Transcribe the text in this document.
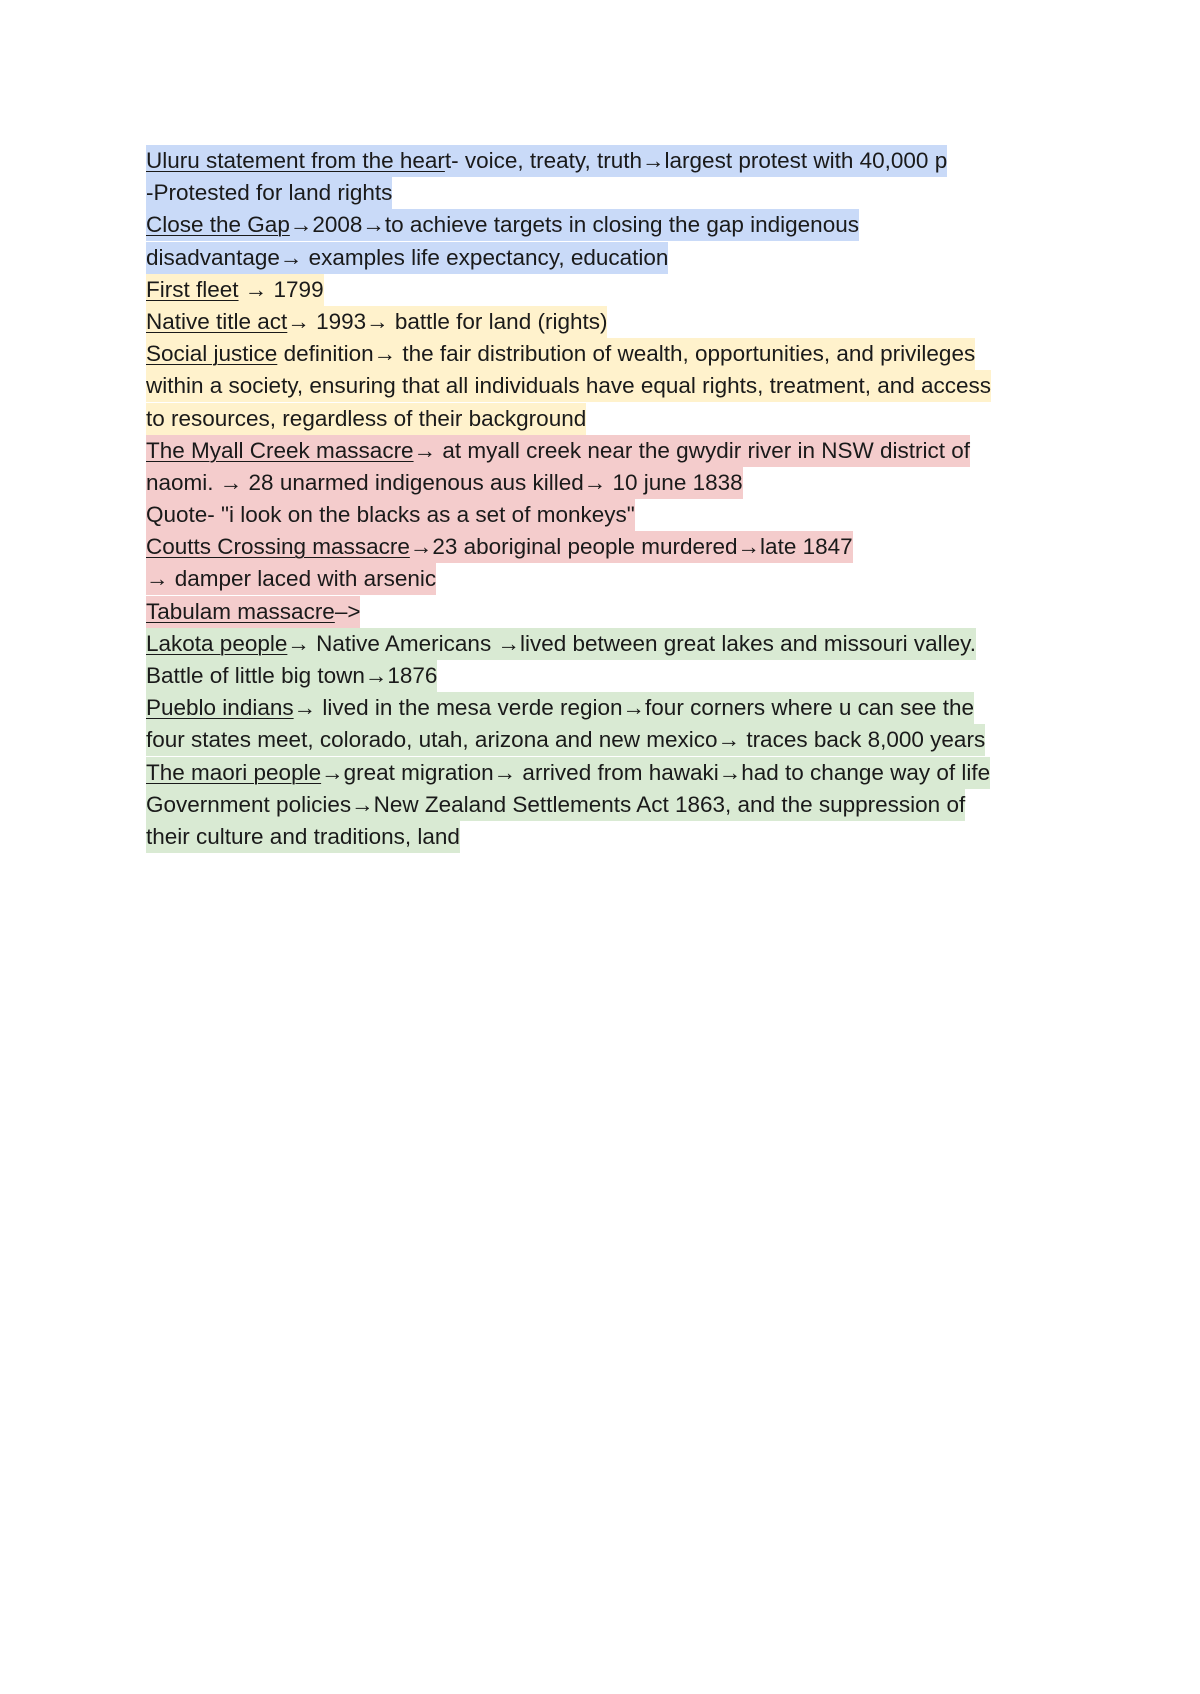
Uluru statement from the heart- voice, treaty, truth→largest protest with 40,000 p
-Protested for land rights
Close the Gap→2008→to achieve targets in closing the gap indigenous
disadvantage→ examples life expectancy, education
First fleet → 1799
Native title act→ 1993→ battle for land (rights)
Social justice definition→ the fair distribution of wealth, opportunities, and privileges
within a society, ensuring that all individuals have equal rights, treatment, and access
to resources, regardless of their background
The Myall Creek massacre→ at myall creek near the gwydir river in NSW district of
naomi. → 28 unarmed indigenous aus killed→ 10 june 1838
Quote- "i look on the blacks as a set of monkeys"
Coutts Crossing massacre→23 aboriginal people murdered→late 1847
→ damper laced with arsenic
Tabulam massacre–>
Lakota people→ Native Americans →lived between great lakes and missouri valley.
Battle of little big town→1876
Pueblo indians→ lived in the mesa verde region→four corners where u can see the
four states meet, colorado, utah, arizona and new mexico→ traces back 8,000 years
The maori people→great migration→ arrived from hawaki→had to change way of life
Government policies→New Zealand Settlements Act 1863, and the suppression of
their culture and traditions, land
